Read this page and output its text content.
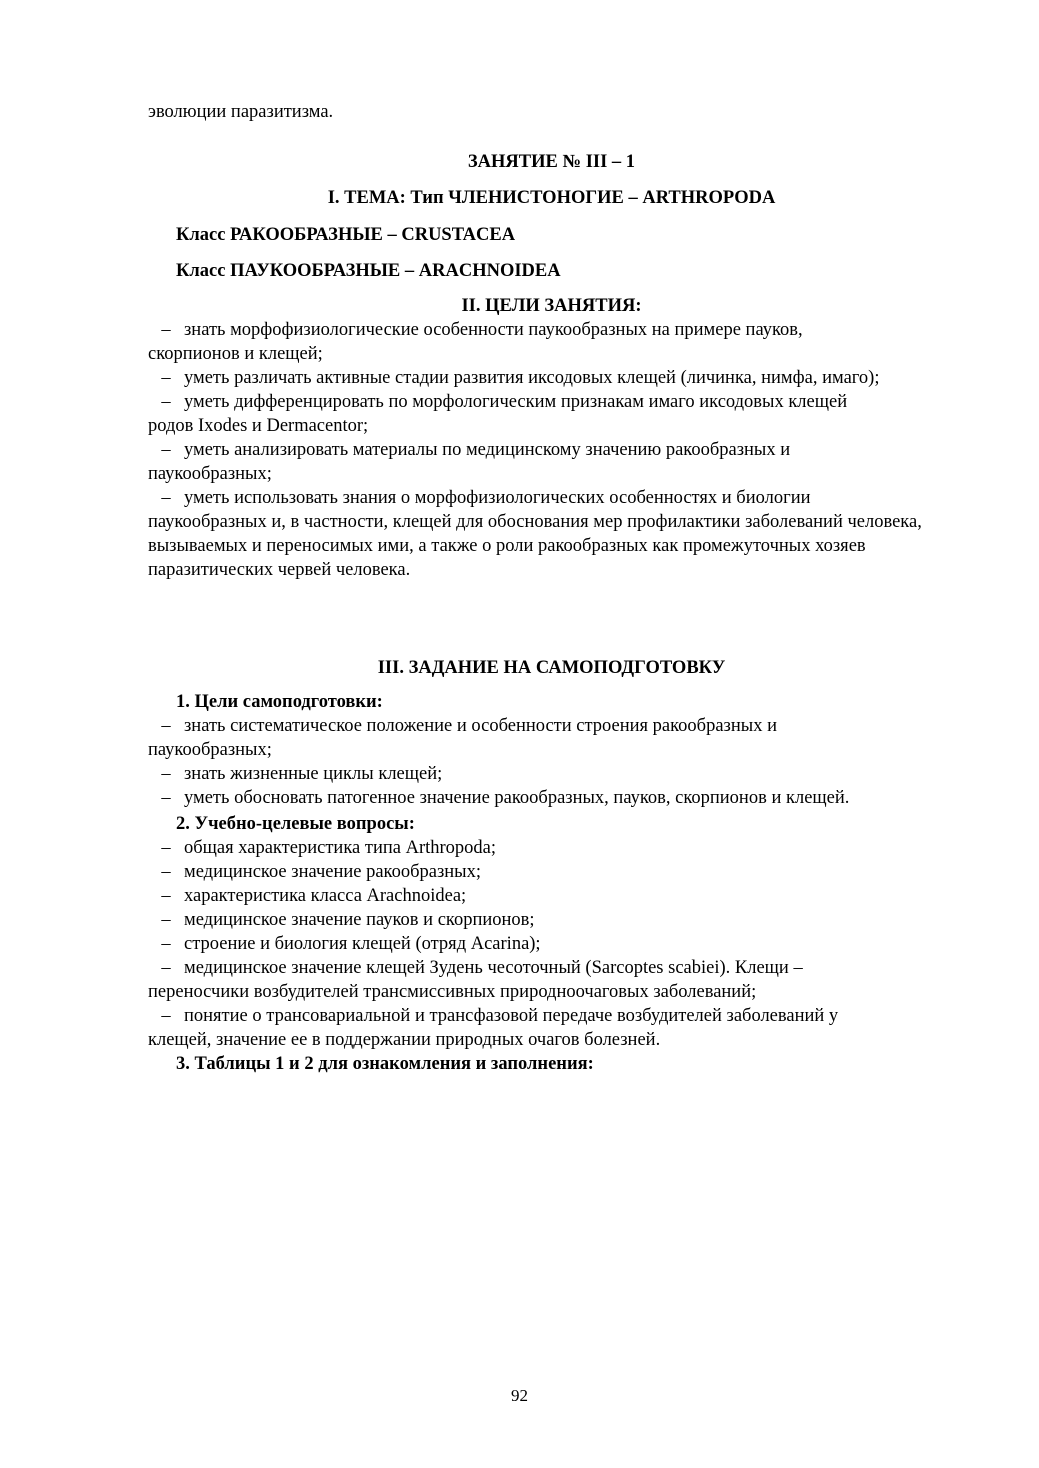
эволюции паразитизма.
ЗАНЯТИЕ № III – 1
I. ТЕМА: Тип ЧЛЕНИСТОНОГИЕ – ARTHROPODA
Класс РАКООБРАЗНЫЕ – CRUSTACEA
Класс ПАУКООБРАЗНЫЕ – ARACHNOIDEA
II. ЦЕЛИ ЗАНЯТИЯ:

– знать морфофизиологические особенности паукообразных на примере пауков,
скорпионов и клещей;

– уметь различать активные стадии развития иксодовых клещей (личинка, нимфа, имаго);

– уметь дифференцировать по морфологическим признакам имаго иксодовых клещей
родов Ixodes и Dermacentor;

– уметь анализировать материалы по медицинскому значению ракообразных и
паукообразных;

– уметь использовать знания о морфофизиологических особенностях и биологии
паукообразных и, в частности, клещей для обоснования мер профилактики заболеваний человека, вызываемых и переносимых ими, а также о роли ракообразных как промежуточных хозяев паразитических червей человека.

III. ЗАДАНИЕ НА САМОПОДГОТОВКУ
1. Цели самоподготовки:

– знать систематическое положение и особенности строения ракообразных и
паукообразных;

– знать жизненные циклы клещей;

– уметь обосновать патогенное значение ракообразных, пауков, скорпионов и клещей.

2. Учебно-целевые вопросы:

– общая характеристика типа Arthropoda;

– медицинское значение ракообразных;

– характеристика класса Arachnoidea;

– медицинское значение пауков и скорпионов;

– строение и биология клещей (отряд Acarina);

– медицинское значение клещей Зудень чесоточный (Sarcoptes scabiei). Клещи –
переносчики возбудителей трансмиссивных природноочаговых заболеваний;

– понятие о трансовариальной и трансфазовой передаче возбудителей заболеваний у
клещей, значение ее в поддержании природных очагов болезней.

3. Таблицы 1 и 2 для ознакомления и заполнения:
92
